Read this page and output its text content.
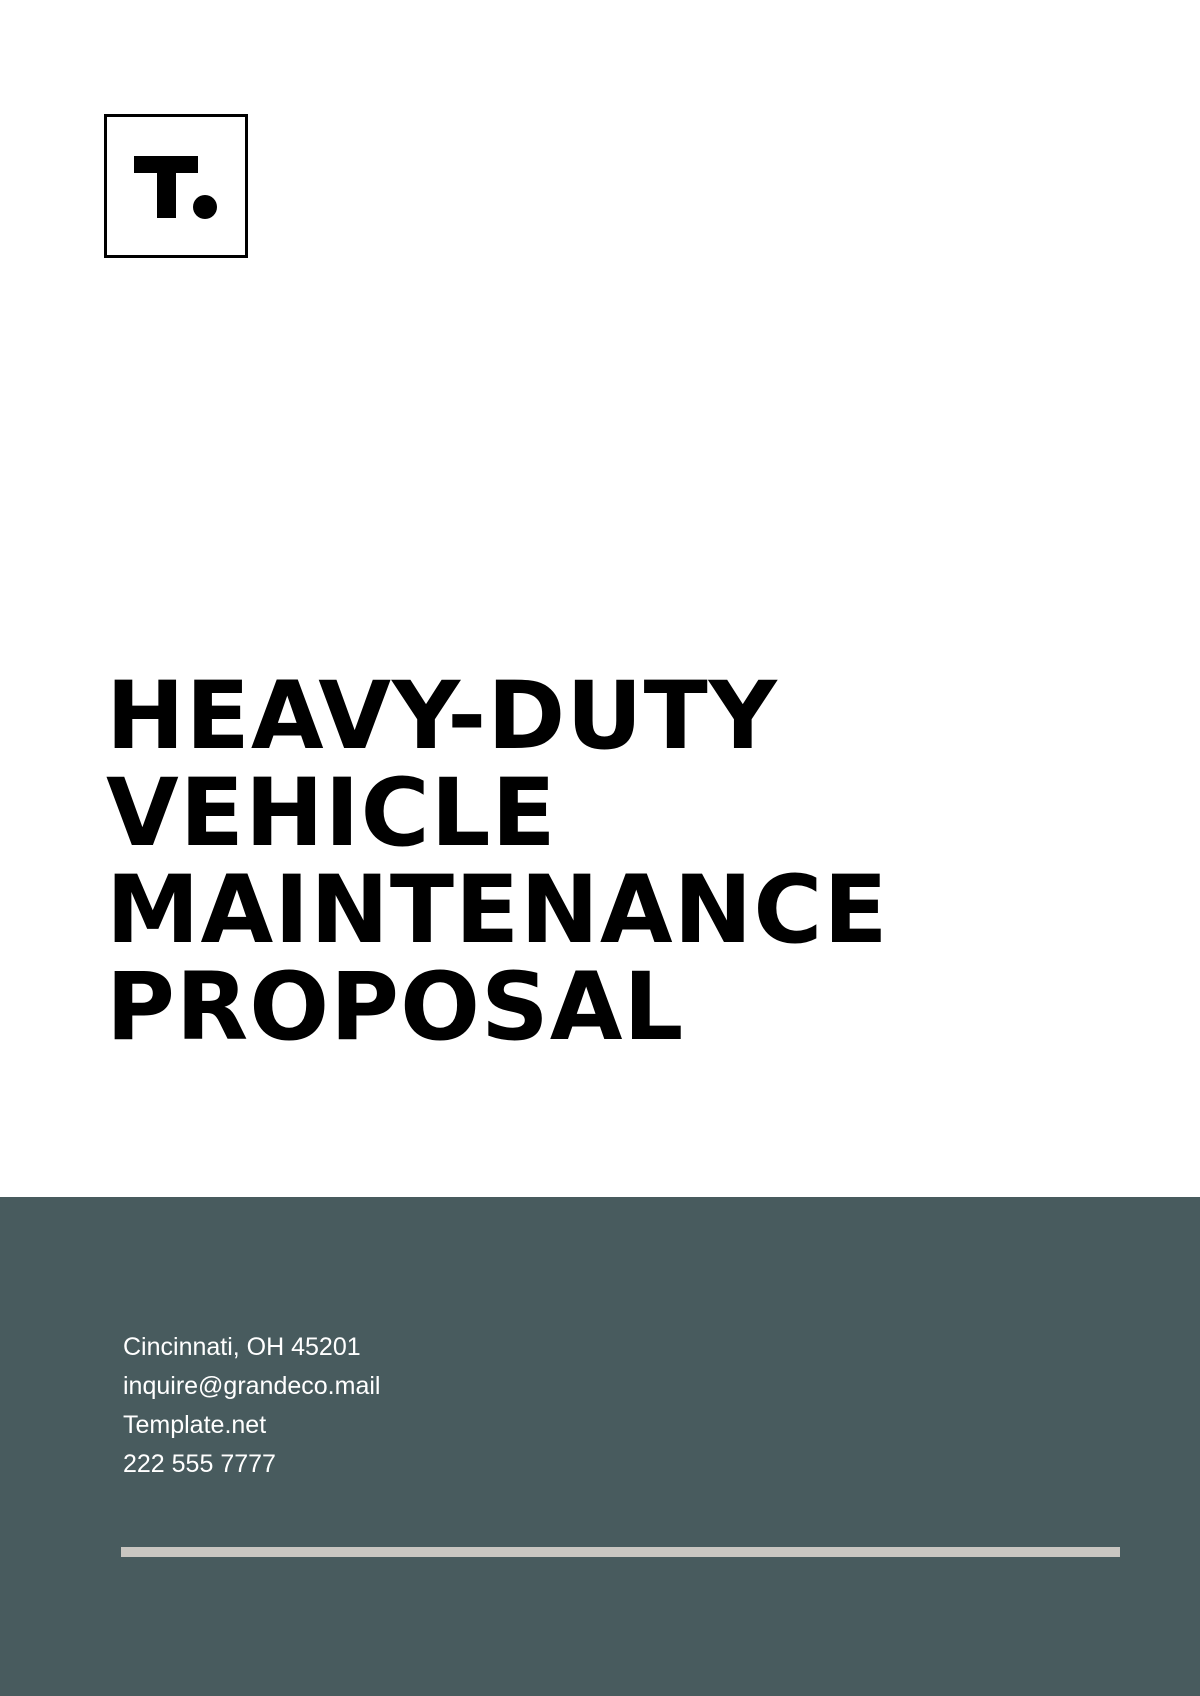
HEAVY-DUTY
VEHICLE
MAINTENANCE
PROPOSAL
Cincinnati, OH 45201
inquire@grandeco.mail
Template.net
222 555 7777
